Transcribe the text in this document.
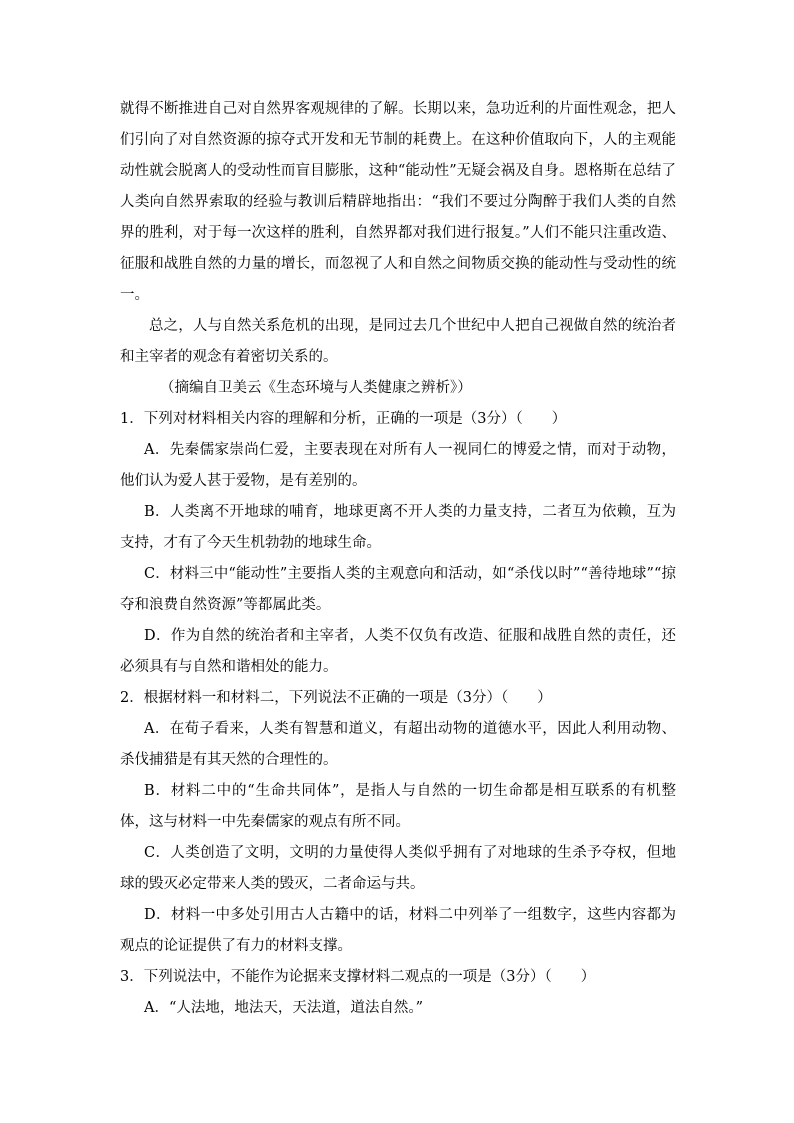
就得不断推进自己对自然界客观规律的了解。长期以来，急功近利的片面性观念，把人们引向了对自然资源的掠夺式开发和无节制的耗费上。在这种价值取向下，人的主观能动性就会脱离人的受动性而盲目膨胀，这种“能动性”无疑会祸及自身。恩格斯在总结了人类向自然界索取的经验与教训后精辟地指出：“我们不要过分陶醉于我们人类的自然界的胜利，对于每一次这样的胜利，自然界都对我们进行报复。”人们不能只注重改造、征服和战胜自然的力量的增长，而忽视了人和自然之间物质交换的能动性与受动性的统一。

总之，人与自然关系危机的出现，是同过去几个世纪中人把自己视做自然的统治者和主宰者的观念有着密切关系的。

（摘编自卫美云《生态环境与人类健康之辨析》）

1．下列对材料相关内容的理解和分析，正确的一项是（3分）（　　）

A．先秦儒家崇尚仁爱，主要表现在对所有人一视同仁的博爱之情，而对于动物，他们认为爱人甚于爱物，是有差别的。

B．人类离不开地球的哺育，地球更离不开人类的力量支持，二者互为依赖，互为支持，才有了今天生机勃勃的地球生命。

C．材料三中“能动性”主要指人类的主观意向和活动，如“杀伐以时”“善待地球”“掠夺和浪费自然资源”等都属此类。

D．作为自然的统治者和主宰者，人类不仅负有改造、征服和战胜自然的责任，还必须具有与自然和谐相处的能力。

2．根据材料一和材料二，下列说法不正确的一项是（3分）（　　）

A．在荀子看来，人类有智慧和道义，有超出动物的道德水平，因此人利用动物、杀伐捕猎是有其天然的合理性的。

B．材料二中的“生命共同体”，是指人与自然的一切生命都是相互联系的有机整体，这与材料一中先秦儒家的观点有所不同。

C．人类创造了文明，文明的力量使得人类似乎拥有了对地球的生杀予夺权，但地球的毁灭必定带来人类的毁灭，二者命运与共。

D．材料一中多处引用古人古籍中的话，材料二中列举了一组数字，这些内容都为观点的论证提供了有力的材料支撑。

3．下列说法中，不能作为论据来支撑材料二观点的一项是（3分）（　　）

A．“人法地，地法天，天法道，道法自然。”
